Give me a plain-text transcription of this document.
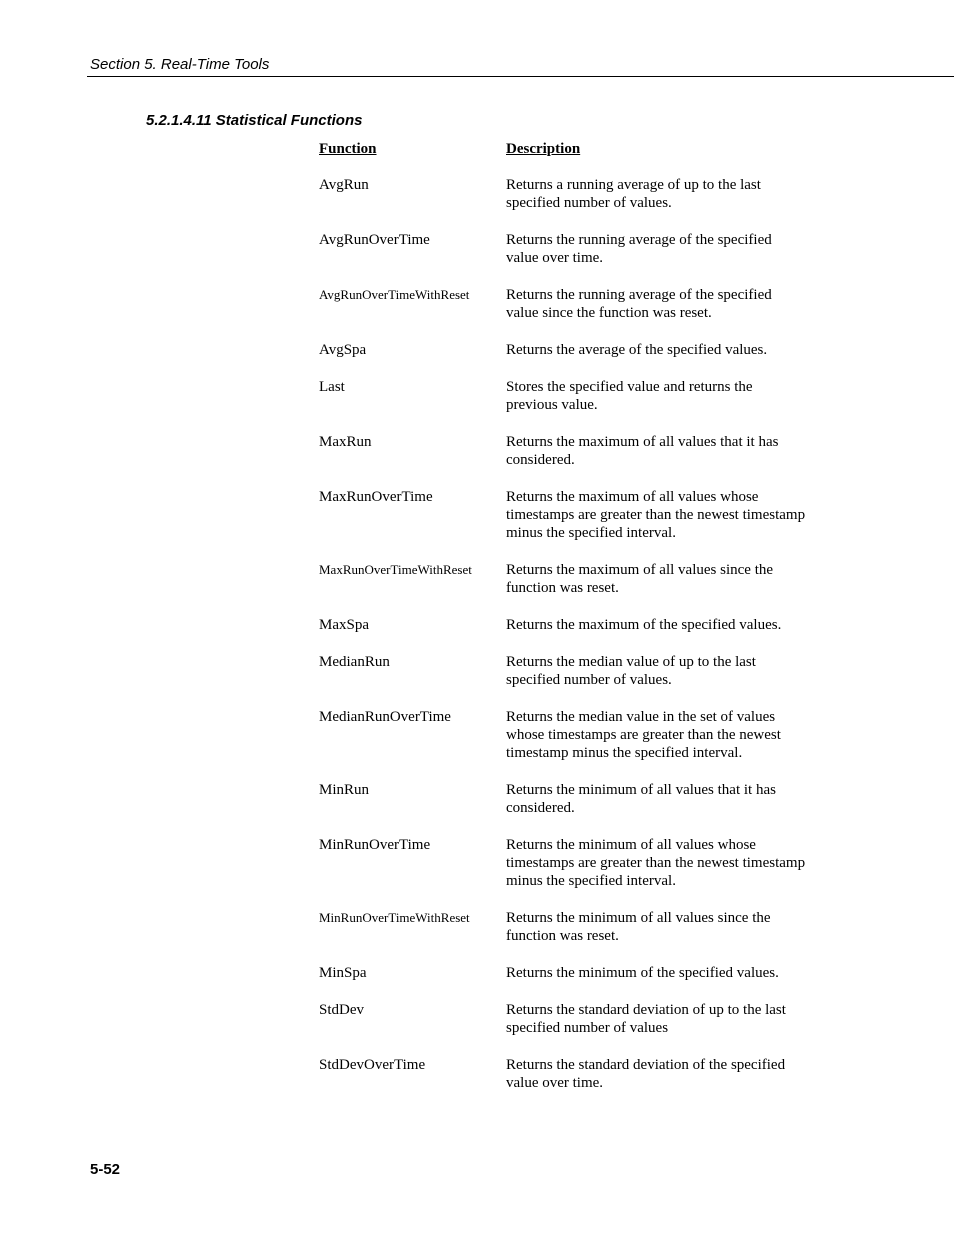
Section 5. Real-Time Tools
5.2.1.4.11 Statistical Functions
Function	Description
AvgRun	Returns a running average of up to the last
specified number of values.
AvgRunOverTime	Returns the running average of the specified
value over time.
AvgRunOverTimeWithReset	Returns the running average of the specified
value since the function was reset.
AvgSpa	Returns the average of the specified values.
Last	Stores the specified value and returns the
previous value.
MaxRun	Returns the maximum of all values that it has
considered.
MaxRunOverTime	Returns the maximum of all values whose
timestamps are greater than the newest timestamp
minus the specified interval.
MaxRunOverTimeWithReset	Returns the maximum of all values since the
function was reset.
MaxSpa	Returns the maximum of the specified values.
MedianRun	Returns the median value of up to the last
specified number of values.
MedianRunOverTime	Returns the median value in the set of values
whose timestamps are greater than the newest
timestamp minus the specified interval.
MinRun	Returns the minimum of all values that it has
considered.
MinRunOverTime	Returns the minimum of all values whose
timestamps are greater than the newest timestamp
minus the specified interval.
MinRunOverTimeWithReset	Returns the minimum of all values since the
function was reset.
MinSpa	Returns the minimum of the specified values.
StdDev	Returns the standard deviation of up to the last
specified number of values
StdDevOverTime	Returns the standard deviation of the specified
value over time.
5-52
